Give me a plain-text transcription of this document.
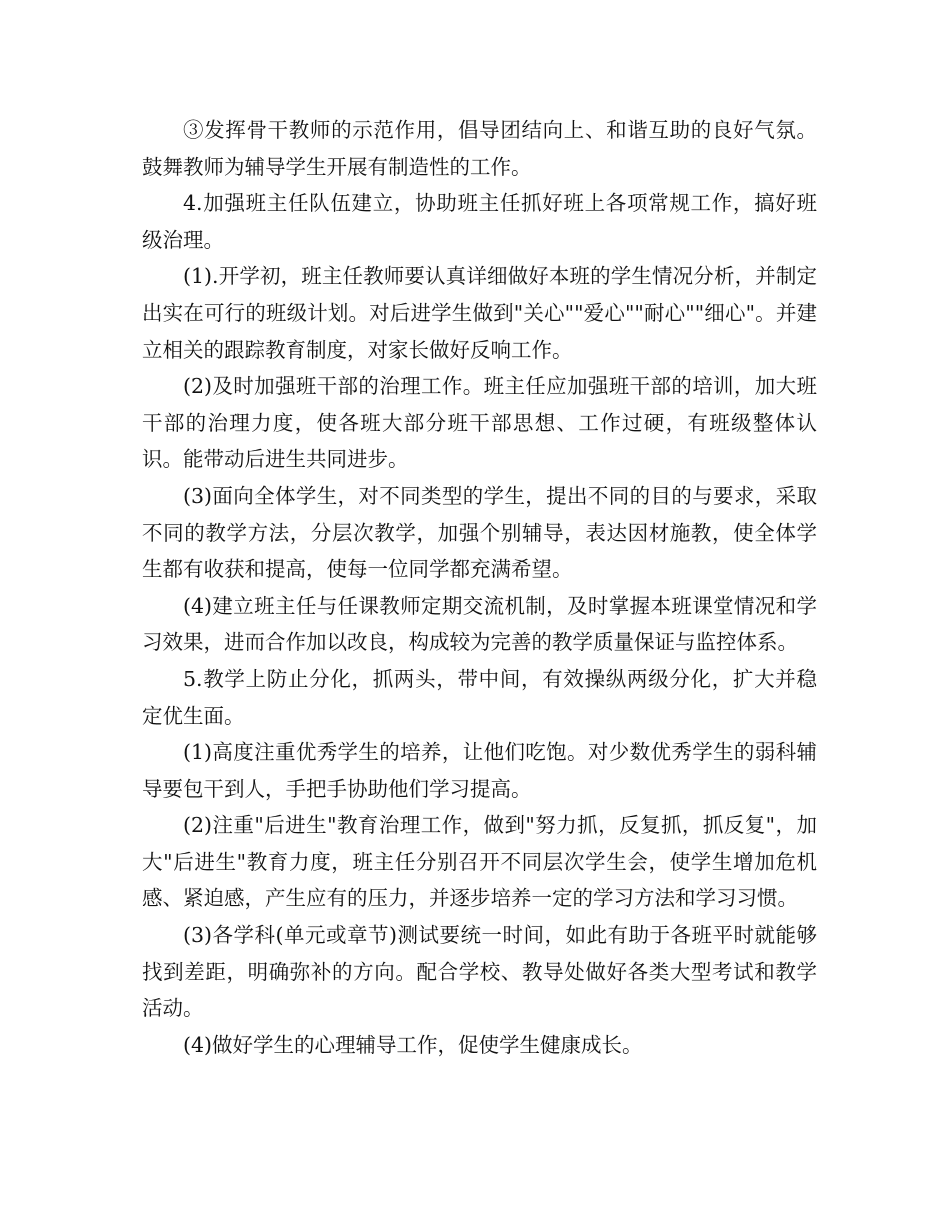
③发挥骨干教师的示范作用，倡导团结向上、和谐互助的良好气氛。鼓舞教师为辅导学生开展有制造性的工作。

4.加强班主任队伍建立，协助班主任抓好班上各项常规工作，搞好班级治理。

(1).开学初，班主任教师要认真详细做好本班的学生情况分析，并制定出实在可行的班级计划。对后进学生做到"关心""爱心""耐心""细心"。并建立相关的跟踪教育制度，对家长做好反响工作。

(2)及时加强班干部的治理工作。班主任应加强班干部的培训，加大班干部的治理力度，使各班大部分班干部思想、工作过硬，有班级整体认识。能带动后进生共同进步。

(3)面向全体学生，对不同类型的学生，提出不同的目的与要求，采取不同的教学方法，分层次教学，加强个别辅导，表达因材施教，使全体学生都有收获和提高，使每一位同学都充满希望。

(4)建立班主任与任课教师定期交流机制，及时掌握本班课堂情况和学习效果，进而合作加以改良，构成较为完善的教学质量保证与监控体系。

5.教学上防止分化，抓两头，带中间，有效操纵两级分化，扩大并稳定优生面。

(1)高度注重优秀学生的培养，让他们吃饱。对少数优秀学生的弱科辅导要包干到人，手把手协助他们学习提高。

(2)注重"后进生"教育治理工作，做到"努力抓，反复抓，抓反复"，加大"后进生"教育力度，班主任分别召开不同层次学生会，使学生增加危机感、紧迫感，产生应有的压力，并逐步培养一定的学习方法和学习习惯。

(3)各学科(单元或章节)测试要统一时间，如此有助于各班平时就能够找到差距，明确弥补的方向。配合学校、教导处做好各类大型考试和教学活动。

(4)做好学生的心理辅导工作，促使学生健康成长。
